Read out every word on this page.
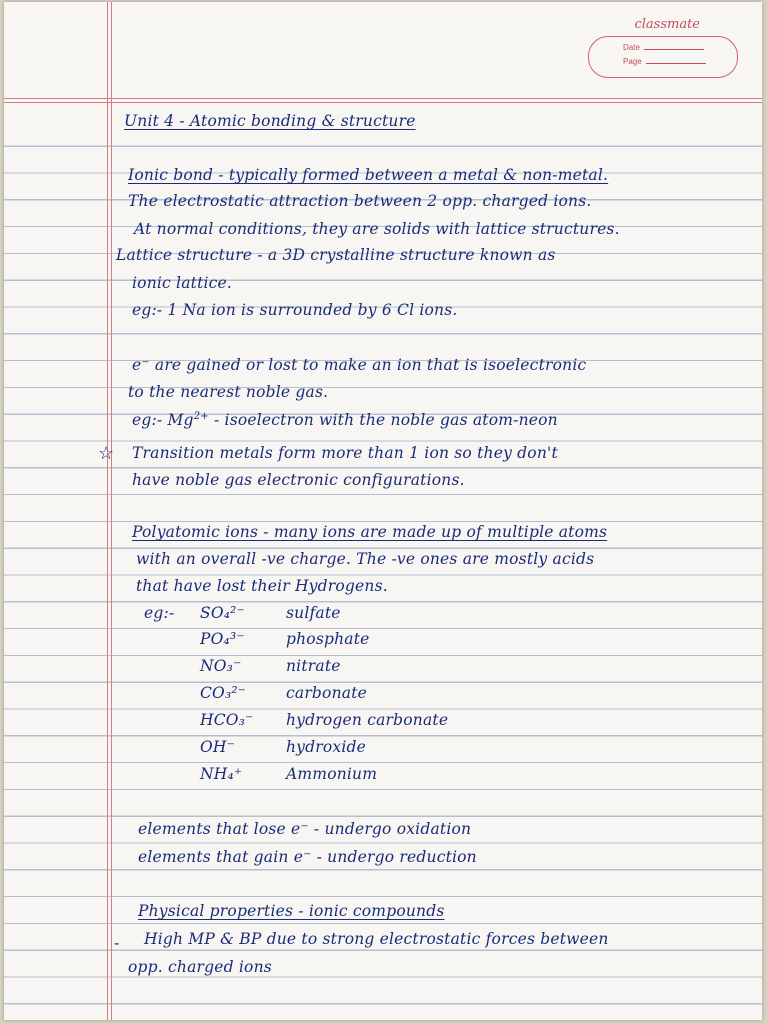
classmate
Date
Page
Unit 4 - Atomic bonding & structure
Ionic bond - typically formed between a metal & non-metal.
The electrostatic attraction between 2 opp. charged ions.
At normal conditions, they are solids with lattice structures.
Lattice structure - a 3D crystalline structure known as
ionic lattice.
eg:- 1 Na ion is surrounded by 6 Cl ions.
e⁻ are gained or lost to make an ion that is isoelectronic
to the nearest noble gas.
eg:- $Mg^{2+}$ - isoelectron with the noble gas atom-neon
☆ Transition metals form more than 1 ion so they don't
have noble gas electronic configurations.
Polyatomic ions - many ions are made up of multiple atoms
with an overall -ve charge. The -ve ones are mostly acids
that have lost their Hydrogens.
eg:- SO₄²⁻	sulfate
PO₄³⁻	phosphate
NO₃⁻	nitrate
CO₃²⁻	carbonate
HCO₃⁻ hydrogen carbonate
OH⁻	hydroxide
NH₄⁺	Ammonium
elements that lose e⁻ - undergo oxidation
elements that gain e⁻ - undergo reduction
Physical properties - ionic compounds
- High MP & BP due to strong electrostatic forces between
opp. charged ions
